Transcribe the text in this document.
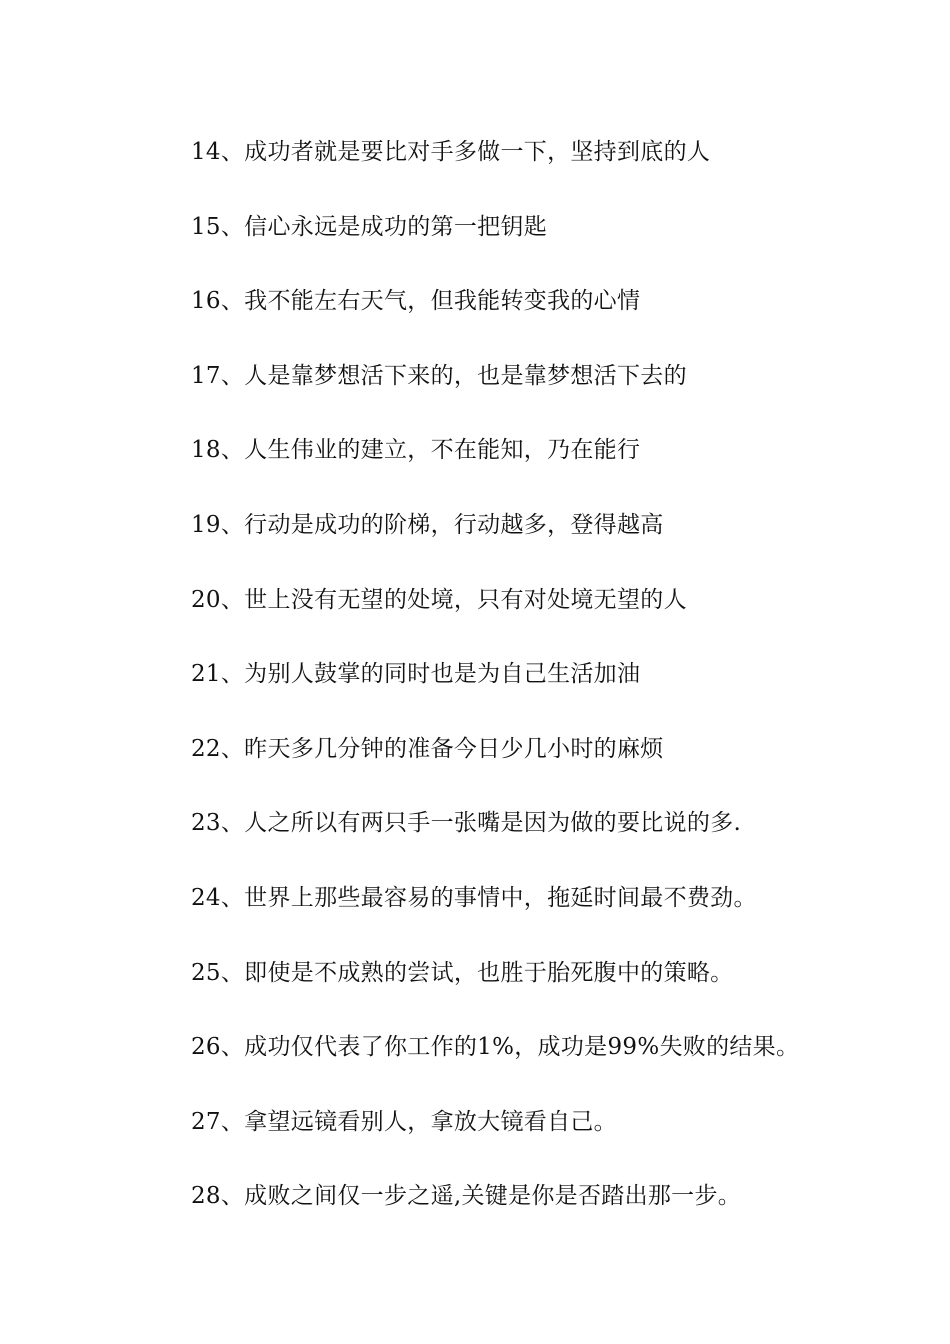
14、成功者就是要比对手多做一下，坚持到底的人
15、信心永远是成功的第一把钥匙
16、我不能左右天气，但我能转变我的心情
17、人是靠梦想活下来的，也是靠梦想活下去的
18、人生伟业的建立，不在能知，乃在能行
19、行动是成功的阶梯，行动越多，登得越高
20、世上没有无望的处境，只有对处境无望的人
21、为别人鼓掌的同时也是为自己生活加油
22、昨天多几分钟的准备今日少几小时的麻烦
23、人之所以有两只手一张嘴是因为做的要比说的多.
24、世界上那些最容易的事情中，拖延时间最不费劲。
25、即使是不成熟的尝试，也胜于胎死腹中的策略。
26、成功仅代表了你工作的1%，成功是99%失败的结果。
27、拿望远镜看别人，拿放大镜看自己。
28、成败之间仅一步之遥,关键是你是否踏出那一步。
